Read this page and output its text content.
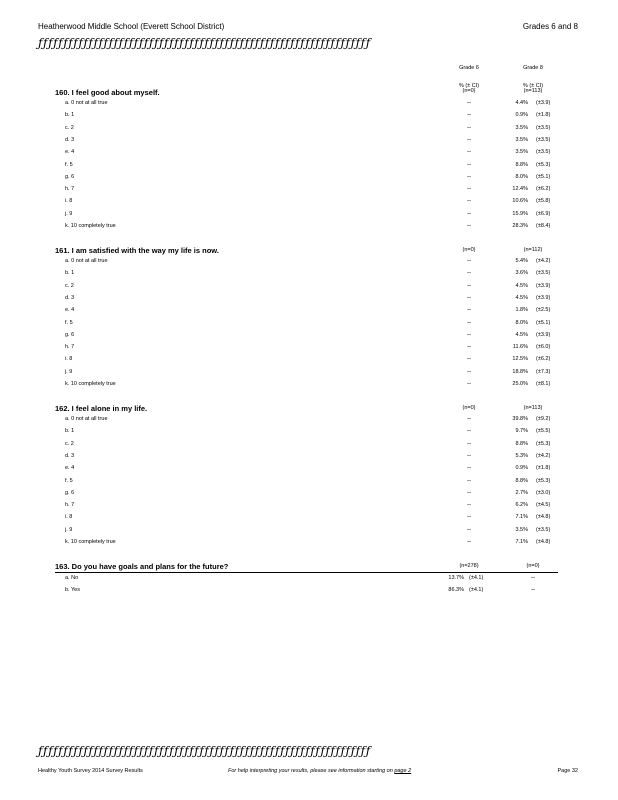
Heatherwood Middle School (Everett School District)	Grades 6 and 8
ƒƒƒƒƒƒƒƒƒƒƒƒƒƒƒƒƒƒƒƒƒƒƒƒƒƒƒƒƒƒƒƒƒƒƒƒƒƒƒƒƒƒƒƒƒƒƒƒƒƒƒƒƒƒƒƒƒƒƒƒƒƒƒƒƒƒ
Grade 6	Grade 8
% (± CI)	% (± CI)
160. I feel good about myself.	(n=0)	(n=113)
a. 0 not at all true	--	4.4% (±3.9)
b. 1	--	0.9% (±1.8)
c. 2	--	3.5% (±3.5)
d. 3	--	3.5% (±3.5)
e. 4	--	3.5% (±3.5)
f. 5	--	8.8% (±5.3)
g. 6	--	8.0% (±5.1)
h. 7	--	12.4% (±6.2)
i. 8	--	10.6% (±5.8)
j. 9	--	15.9% (±6.9)
k. 10 completely true	--	28.3% (±8.4)
161. I am satisfied with the way my life is now.	(n=0)	(n=112)
a. 0 not at all true	--	5.4% (±4.2)
b. 1	--	3.6% (±3.5)
c. 2	--	4.5% (±3.9)
d. 3	--	4.5% (±3.9)
e. 4	--	1.8% (±2.5)
f. 5	--	8.0% (±5.1)
g. 6	--	4.5% (±3.9)
h. 7	--	11.6% (±6.0)
i. 8	--	12.5% (±6.2)
j. 9	--	18.8% (±7.3)
k. 10 completely true	--	25.0% (±8.1)
162. I feel alone in my life.	(n=0)	(n=113)
a. 0 not at all true	--	39.8% (±9.2)
b. 1	--	9.7% (±5.5)
c. 2	--	8.8% (±5.3)
d. 3	--	5.3% (±4.2)
e. 4	--	0.9% (±1.8)
f. 5	--	8.8% (±5.3)
g. 6	--	2.7% (±3.0)
h. 7	--	6.2% (±4.5)
i. 8	--	7.1% (±4.8)
j. 9	--	3.5% (±3.5)
k. 10 completely true	--	7.1% (±4.8)
163. Do you have goals and plans for the future?	(n=278)	(n=0)
a. No	13.7% (±4.1)	--
b. Yes	86.3% (±4.1)	--
ƒƒƒƒƒƒƒƒƒƒƒƒƒƒƒƒƒƒƒƒƒƒƒƒƒƒƒƒƒƒƒƒƒƒƒƒƒƒƒƒƒƒƒƒƒƒƒƒƒƒƒƒƒƒƒƒƒƒƒƒƒƒƒƒƒƒ
Healthy Youth Survey 2014 Survey Results	For help interpreting your results, please see information starting on page 2	Page 32
